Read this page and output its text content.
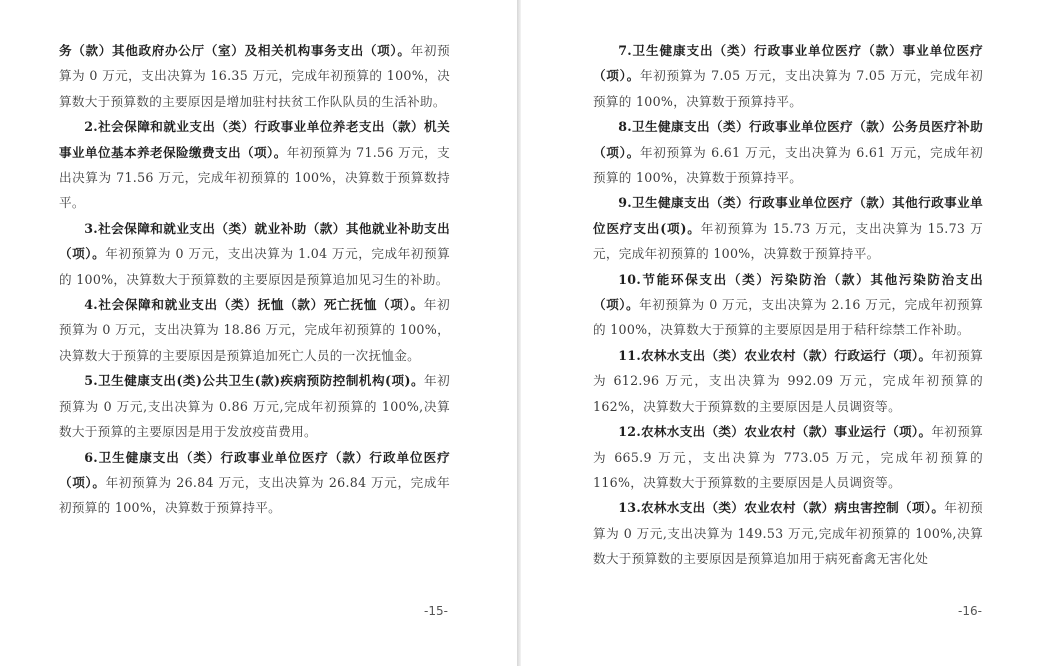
务（款）其他政府办公厅（室）及相关机构事务支出（项）。年初预算为 0 万元，支出决算为 16.35 万元，完成年初预算的 100%，决算数大于预算数的主要原因是增加驻村扶贫工作队队员的生活补助。

2.社会保障和就业支出（类）行政事业单位养老支出（款）机关事业单位基本养老保险缴费支出（项）。年初预算为 71.56 万元，支出决算为 71.56 万元，完成年初预算的 100%，决算数于预算数持平。

3.社会保障和就业支出（类）就业补助（款）其他就业补助支出（项）。年初预算为 0 万元，支出决算为 1.04 万元，完成年初预算的 100%，决算数大于预算数的主要原因是预算追加见习生的补助。

4.社会保障和就业支出（类）抚恤（款）死亡抚恤（项）。年初预算为 0 万元，支出决算为 18.86 万元，完成年初预算的 100%，决算数大于预算的主要原因是预算追加死亡人员的一次抚恤金。

5.卫生健康支出(类)公共卫生(款)疾病预防控制机构(项)。年初预算为 0 万元,支出决算为 0.86 万元,完成年初预算的 100%,决算数大于预算的主要原因是用于发放疫苗费用。

6.卫生健康支出（类）行政事业单位医疗（款）行政单位医疗（项）。年初预算为 26.84 万元，支出决算为 26.84 万元，完成年初预算的 100%，决算数于预算持平。

-15-

7.卫生健康支出（类）行政事业单位医疗（款）事业单位医疗（项）。年初预算为 7.05 万元，支出决算为 7.05 万元，完成年初预算的 100%，决算数于预算持平。

8.卫生健康支出（类）行政事业单位医疗（款）公务员医疗补助（项）。年初预算为 6.61 万元，支出决算为 6.61 万元，完成年初预算的 100%，决算数于预算持平。

9.卫生健康支出（类）行政事业单位医疗（款）其他行政事业单位医疗支出(项)。年初预算为 15.73 万元，支出决算为 15.73 万元，完成年初预算的 100%，决算数于预算持平。

10.节能环保支出（类）污染防治（款）其他污染防治支出（项）。年初预算为 0 万元，支出决算为 2.16 万元，完成年初预算的 100%，决算数大于预算的主要原因是用于秸秆综禁工作补助。

11.农林水支出（类）农业农村（款）行政运行（项）。年初预算为 612.96 万元，支出决算为 992.09 万元，完成年初预算的 162%，决算数大于预算数的主要原因是人员调资等。

12.农林水支出（类）农业农村（款）事业运行（项）。年初预算为 665.9 万元，支出决算为 773.05 万元，完成年初预算的 116%，决算数大于预算数的主要原因是人员调资等。

13.农林水支出（类）农业农村（款）病虫害控制（项）。年初预算为 0 万元,支出决算为 149.53 万元,完成年初预算的 100%,决算数大于预算数的主要原因是预算追加用于病死畜禽无害化处

-16-
